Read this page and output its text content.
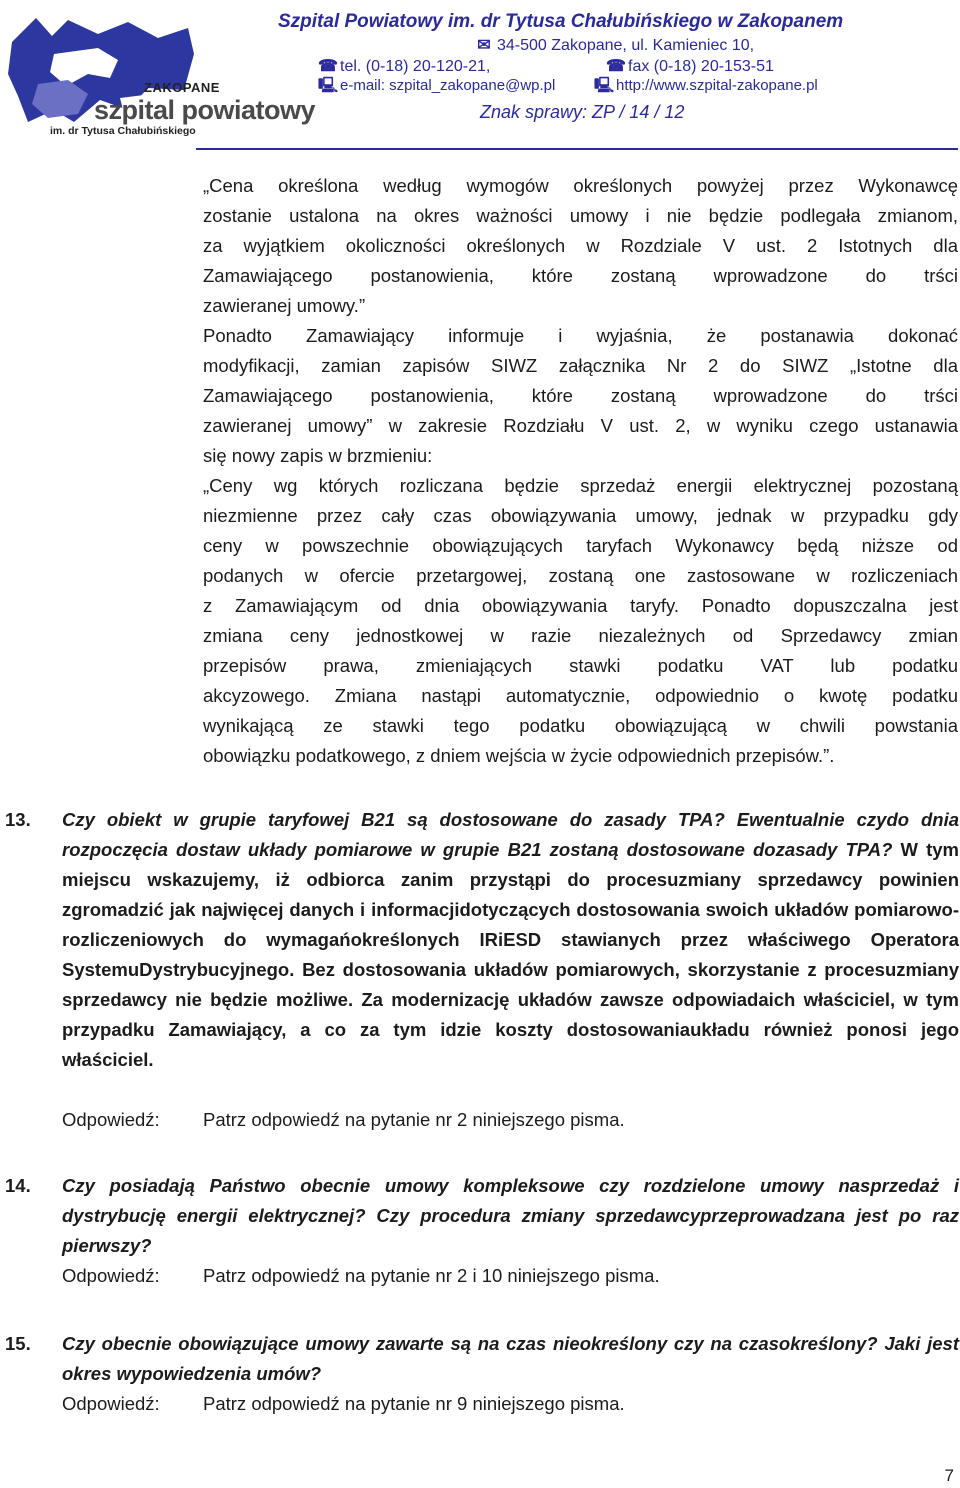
ZAKOPANE
szpital powiatowy
im. dr Tytusa Chałubińskiego
Szpital Powiatowy im. dr Tytusa Chałubińskiego w Zakopanem
✉ 34-500 Zakopane, ul. Kamieniec 10,
☎ tel. (0-18) 20-120-21,	☎ fax (0-18) 20-153-51
🖳 e-mail: szpital_zakopane@wp.pl	🖳 http://www.szpital-zakopane.pl
Znak sprawy: ZP / 14 / 12
„Cena określona według wymogów określonych powyżej przez Wykonawcę
zostanie ustalona na okres ważności umowy i nie będzie podlegała zmianom,
za wyjątkiem okoliczności określonych w Rozdziale V ust. 2 Istotnych dla
Zamawiającego postanowienia, które zostaną wprowadzone do trści
zawieranej umowy.”
Ponadto Zamawiający informuje i wyjaśnia, że postanawia dokonać
modyfikacji, zamian zapisów SIWZ załącznika Nr 2 do SIWZ „Istotne dla
Zamawiającego postanowienia, które zostaną wprowadzone do trści
zawieranej umowy” w zakresie Rozdziału V ust. 2, w wyniku czego ustanawia
się nowy zapis w brzmieniu:
„Ceny wg których rozliczana będzie sprzedaż energii elektrycznej pozostaną
niezmienne przez cały czas obowiązywania umowy, jednak w przypadku gdy
ceny w powszechnie obowiązujących taryfach Wykonawcy będą niższe od
podanych w ofercie przetargowej, zostaną one zastosowane w rozliczeniach
z Zamawiającym od dnia obowiązywania taryfy. Ponadto dopuszczalna jest
zmiana ceny jednostkowej w razie niezależnych od Sprzedawcy zmian
przepisów prawa, zmieniających stawki podatku VAT lub podatku
akcyzowego. Zmiana nastąpi automatycznie, odpowiednio o kwotę podatku
wynikającą ze stawki tego podatku obowiązującą w chwili powstania
obowiązku podatkowego, z dniem wejścia w życie odpowiednich przepisów.”.
13. Czy obiekt w grupie taryfowej B21 są dostosowane do zasady TPA? Ewentualnie czydo dnia rozpoczęcia dostaw układy pomiarowe w grupie B21 zostaną dostosowane dozasady TPA? W tym miejscu wskazujemy, iż odbiorca zanim przystąpi do procesuzmiany sprzedawcy powinien zgromadzić jak najwięcej danych i informacjidotyczących dostosowania swoich układów pomiarowo-rozliczeniowych do wymagańokreślonych IRiESD stawianych przez właściwego Operatora SystemuDystrybucyjnego. Bez dostosowania układów pomiarowych, skorzystanie z procesuzmiany sprzedawcy nie będzie możliwe. Za modernizację układów zawsze odpowiadaich właściciel, w tym przypadku Zamawiający, a co za tym idzie koszty dostosowaniaukładu również ponosi jego właściciel.
Odpowiedź: Patrz odpowiedź na pytanie nr 2 niniejszego pisma.
14. Czy posiadają Państwo obecnie umowy kompleksowe czy rozdzielone umowy nasprzedaż i dystrybucję energii elektrycznej? Czy procedura zmiany sprzedawcyprzeprowadzana jest po raz pierwszy?
Odpowiedź: Patrz odpowiedź na pytanie nr 2 i 10 niniejszego pisma.
15. Czy obecnie obowiązujące umowy zawarte są na czas nieokreślony czy na czasokreślony? Jaki jest okres wypowiedzenia umów?
Odpowiedź: Patrz odpowiedź na pytanie nr 9 niniejszego pisma.
7
